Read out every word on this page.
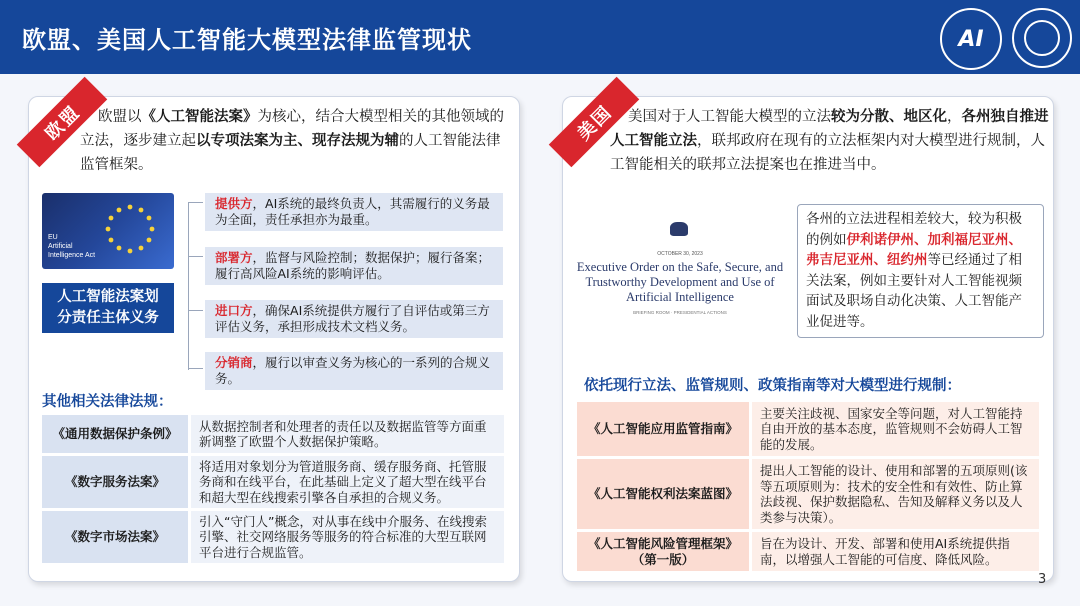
欧盟、美国人工智能大模型法律监管现状	AI
欧盟 欧盟以《人工智能法案》为核心，结合大模型相关的其他领域的立法，逐步建立起以专项法案为主、现存法规为辅的人工智能法律监管框架。
EU
Artificial
Intelligence Act
人工智能法案划
分责任主体义务
提供方，AI系统的最终负责人，其需履行的义务最为全面，责任承担亦为最重。
部署方，监督与风险控制；数据保护；履行备案；履行高风险AI系统的影响评估。
进口方，确保AI系统提供方履行了自评估或第三方评估义务，承担形成技术文档义务。
分销商，履行以审查义务为核心的一系列的合规义务。
其他相关法律法规：
《通用数据保护条例》	从数据控制者和处理者的责任以及数据监管等方面重新调整了欧盟个人数据保护策略。
《数字服务法案》	将适用对象划分为管道服务商、缓存服务商、托管服务商和在线平台，在此基础上定义了超大型在线平台和超大型在线搜索引擎各自承担的合规义务。
《数字市场法案》	引入“守门人”概念，对从事在线中介服务、在线搜索引擎、社交网络服务等服务的符合标准的大型互联网平台进行合规监管。
美国 美国对于人工智能大模型的立法较为分散、地区化，各州独自推进人工智能立法，联邦政府在现有的立法框架内对大模型进行规制，人工智能相关的联邦立法提案也在推进当中。
OCTOBER 30, 2023
Executive Order on the Safe, Secure, and Trustworthy Development and Use of Artificial Intelligence
BRIEFING ROOM · PRESIDENTIAL ACTIONS
各州的立法进程相差较大，较为积极的例如伊利诺伊州、加利福尼亚州、弗吉尼亚州、纽约州等已经通过了相关法案，例如主要针对人工智能视频面试及职场自动化决策、人工智能产业促进等。
依托现行立法、监管规则、政策指南等对大模型进行规制：
《人工智能应用监管指南》	主要关注歧视、国家安全等问题，对人工智能持自由开放的基本态度，监管规则不会妨碍人工智能的发展。
《人工智能权利法案蓝图》	提出人工智能的设计、使用和部署的五项原则(该等五项原则为：技术的安全性和有效性、防止算法歧视、保护数据隐私、告知及解释义务以及人类参与决策）。
《人工智能风险管理框架》（第一版）	旨在为设计、开发、部署和使用AI系统提供指南，以增强人工智能的可信度、降低风险。
3
